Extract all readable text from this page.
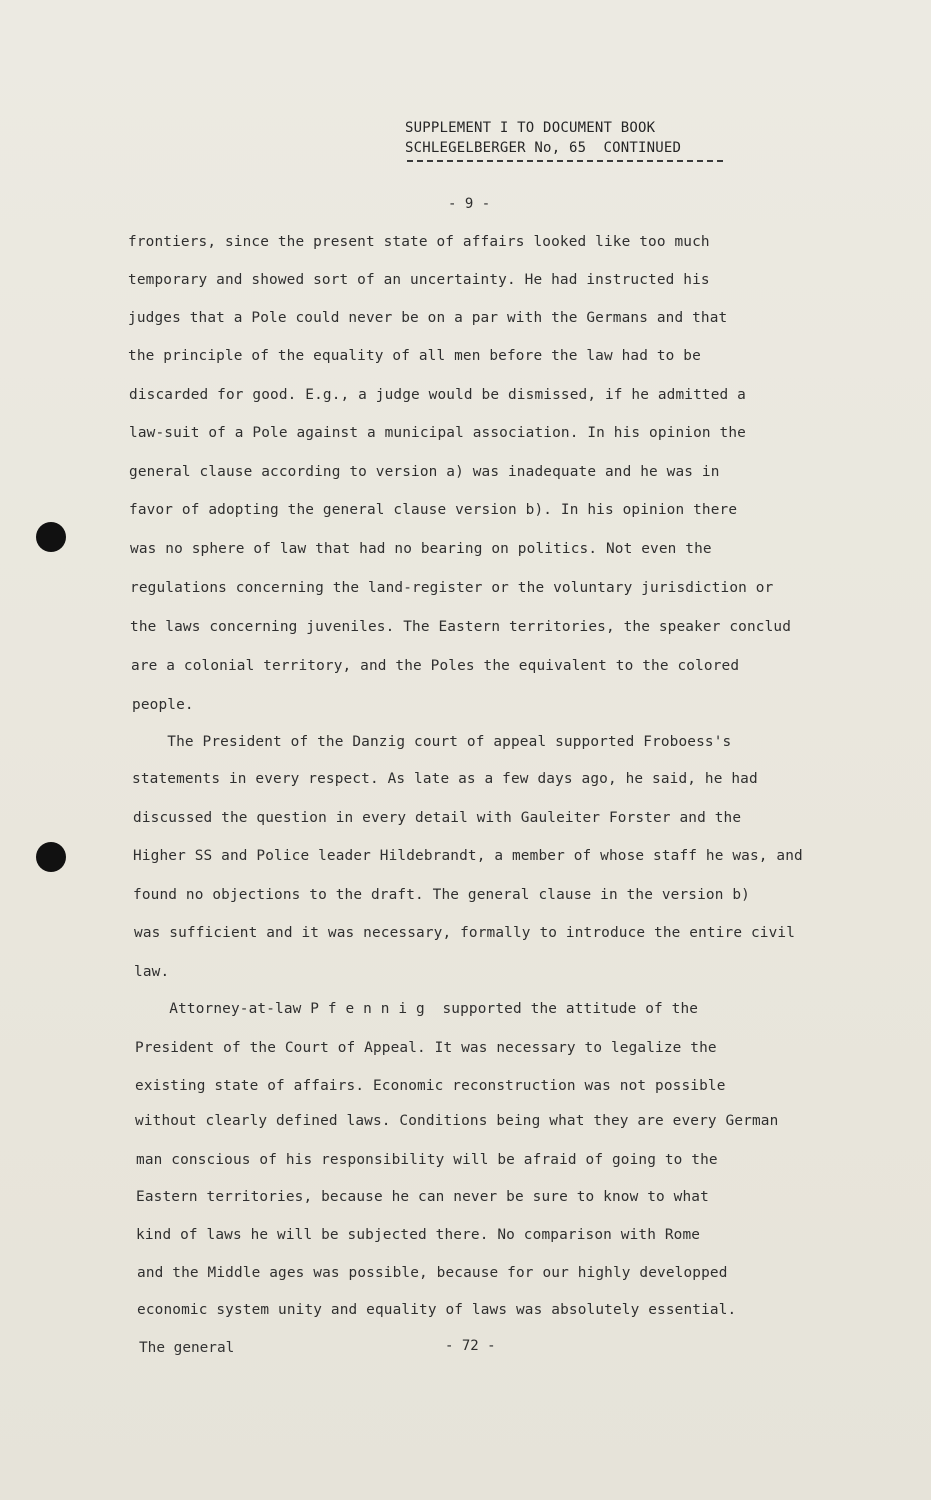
SUPPLEMENT I TO DOCUMENT BOOK
SCHLEGELBERGER No, 65  CONTINUED
- 9 -
frontiers, since the present state of affairs looked like too much
temporary and showed sort of an uncertainty. He had instructed his
judges that a Pole could never be on a par with the Germans and that
the principle of the equality of all men before the law had to be
discarded for good. E.g., a judge would be dismissed, if he admitted a
law-suit of a Pole against a municipal association. In his opinion the
general clause according to version a) was inadequate and he was in
favor of adopting the general clause version b). In his opinion there
was no sphere of law that had no bearing on politics. Not even the
regulations concerning the land-register or the voluntary jurisdiction or
the laws concerning juveniles. The Eastern territories, the speaker conclud
are a colonial territory, and the Poles the equivalent to the colored
people.
The President of the Danzig court of appeal supported Froboess's
statements in every respect. As late as a few days ago, he said, he had
discussed the question in every detail with Gauleiter Forster and the
Higher SS and Police leader Hildebrandt, a member of whose staff he was, and
found no objections to the draft. The general clause in the version b)
was sufficient and it was necessary, formally to introduce the entire civil
law.
Attorney-at-law P f e n n i g  supported the attitude of the
President of the Court of Appeal. It was necessary to legalize the
existing state of affairs. Economic reconstruction was not possible
without clearly defined laws. Conditions being what they are every German
man conscious of his responsibility will be afraid of going to the
Eastern territories, because he can never be sure to know to what
kind of laws he will be subjected there. No comparison with Rome
and the Middle ages was possible, because for our highly developped
economic system unity and equality of laws was absolutely essential.
The general	- 72 -
